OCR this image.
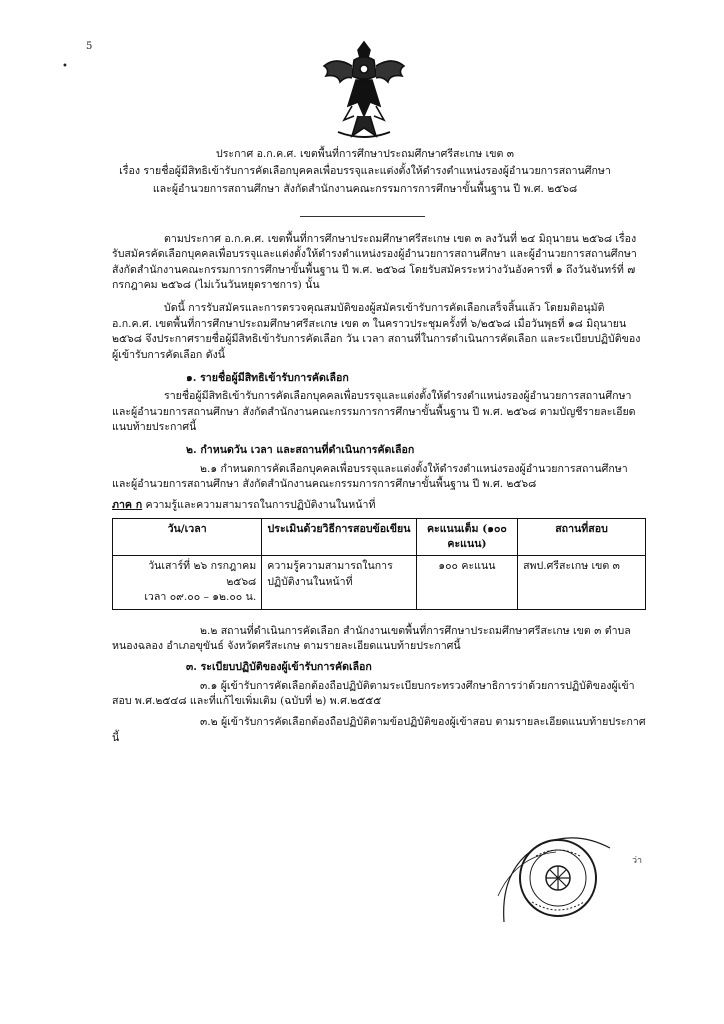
•
5
ประกาศ อ.ก.ค.ศ. เขตพื้นที่การศึกษาประถมศึกษาศรีสะเกษ เขต ๓
เรื่อง รายชื่อผู้มีสิทธิเข้ารับการคัดเลือกบุคคลเพื่อบรรจุและแต่งตั้งให้ดำรงตำแหน่งรองผู้อำนวยการสถานศึกษา
และผู้อำนวยการสถานศึกษา สังกัดสำนักงานคณะกรรมการการศึกษาขั้นพื้นฐาน ปี พ.ศ. ๒๕๖๘

ตามประกาศ อ.ก.ค.ศ. เขตพื้นที่การศึกษาประถมศึกษาศรีสะเกษ เขต ๓ ลงวันที่ ๒๔ มิถุนายน ๒๕๖๘ เรื่อง รับสมัครคัดเลือกบุคคลเพื่อบรรจุและแต่งตั้งให้ดำรงตำแหน่งรองผู้อำนวยการสถานศึกษา และผู้อำนวยการสถานศึกษา สังกัดสำนักงานคณะกรรมการการศึกษาขั้นพื้นฐาน ปี พ.ศ. ๒๕๖๘ โดยรับสมัครระหว่างวันอังคารที่ ๑ ถึงวันจันทร์ที่ ๗ กรกฎาคม ๒๕๖๘ (ไม่เว้นวันหยุดราชการ) นั้น

บัดนี้ การรับสมัครและการตรวจคุณสมบัติของผู้สมัครเข้ารับการคัดเลือกเสร็จสิ้นแล้ว โดยมติอนุมัติ อ.ก.ค.ศ. เขตพื้นที่การศึกษาประถมศึกษาศรีสะเกษ เขต ๓ ในคราวประชุมครั้งที่ ๖/๒๕๖๘ เมื่อวันพุธที่ ๑๘ มิถุนายน ๒๕๖๘ จึงประกาศรายชื่อผู้มีสิทธิเข้ารับการคัดเลือก วัน เวลา สถานที่ในการดำเนินการคัดเลือก และระเบียบปฏิบัติของผู้เข้ารับการคัดเลือก ดังนี้

๑. รายชื่อผู้มีสิทธิเข้ารับการคัดเลือก

รายชื่อผู้มีสิทธิเข้ารับการคัดเลือกบุคคลเพื่อบรรจุและแต่งตั้งให้ดำรงตำแหน่งรองผู้อำนวยการสถานศึกษา และผู้อำนวยการสถานศึกษา สังกัดสำนักงานคณะกรรมการการศึกษาขั้นพื้นฐาน ปี พ.ศ. ๒๕๖๘ ตามบัญชีรายละเอียดแนบท้ายประกาศนี้

๒. กำหนดวัน เวลา และสถานที่ดำเนินการคัดเลือก

๒.๑ กำหนดการคัดเลือกบุคคลเพื่อบรรจุและแต่งตั้งให้ดำรงตำแหน่งรองผู้อำนวยการสถานศึกษา และผู้อำนวยการสถานศึกษา สังกัดสำนักงานคณะกรรมการการศึกษาขั้นพื้นฐาน ปี พ.ศ. ๒๕๖๘

ภาค ก ความรู้และความสามารถในการปฏิบัติงานในหน้าที่
วัน/เวลา	ประเมินด้วยวิธีการสอบข้อเขียน	คะแนนเต็ม (๑๐๐ คะแนน)	สถานที่สอบ

วันเสาร์ที่ ๒๖ กรกฎาคม ๒๕๖๘
เวลา ๐๙.๐๐ – ๑๒.๐๐ น.	ความรู้ความสามารถในการปฏิบัติงานในหน้าที่	๑๐๐ คะแนน	สพป.ศรีสะเกษ เขต ๓

๒.๒ สถานที่ดำเนินการคัดเลือก สำนักงานเขตพื้นที่การศึกษาประถมศึกษาศรีสะเกษ เขต ๓ ตำบลหนองฉลอง อำเภอขุขันธ์ จังหวัดศรีสะเกษ ตามรายละเอียดแนบท้ายประกาศนี้

๓. ระเบียบปฏิบัติของผู้เข้ารับการคัดเลือก

๓.๑ ผู้เข้ารับการคัดเลือกต้องถือปฏิบัติตามระเบียบกระทรวงศึกษาธิการว่าด้วยการปฏิบัติของผู้เข้าสอบ พ.ศ.๒๕๔๘ และที่แก้ไขเพิ่มเติม (ฉบับที่ ๒) พ.ศ.๒๕๕๕

๓.๒ ผู้เข้ารับการคัดเลือกต้องถือปฏิบัติตามข้อปฏิบัติของผู้เข้าสอบ ตามรายละเอียดแนบท้ายประกาศนี้

ว่า
